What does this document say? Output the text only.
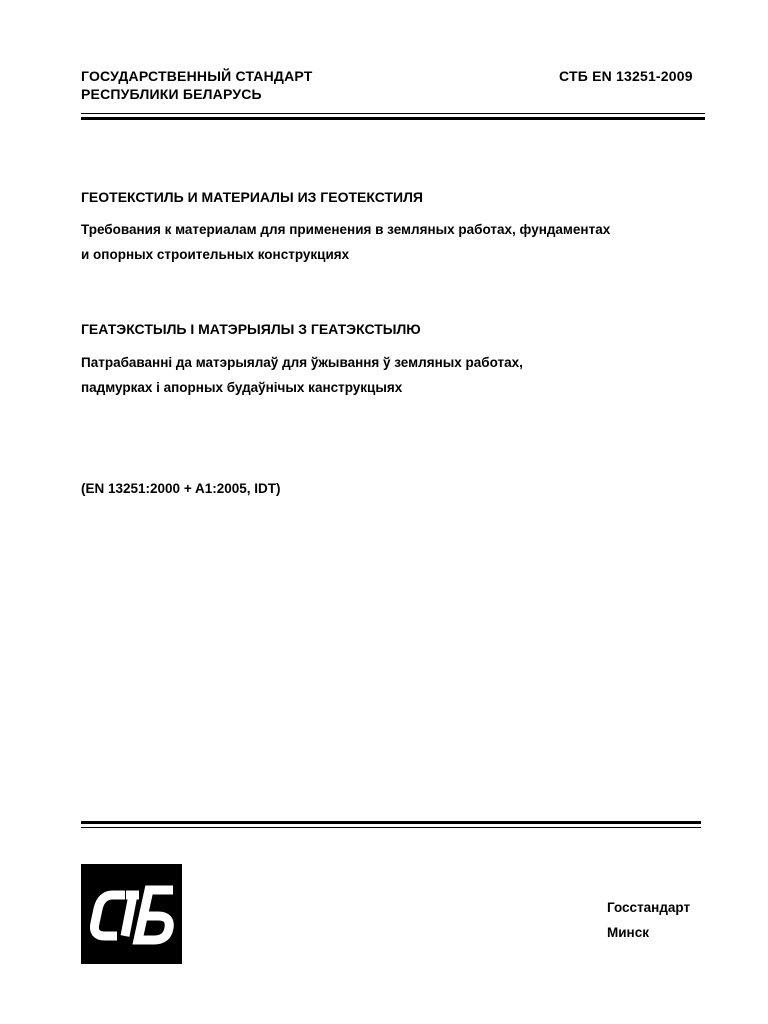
ГОСУДАРСТВЕННЫЙ СТАНДАРТ
РЕСПУБЛИКИ БЕЛАРУСЬ
СТБ EN 13251-2009
ГЕОТЕКСТИЛЬ И МАТЕРИАЛЫ ИЗ ГЕОТЕКСТИЛЯ
Требования к материалам для применения в земляных работах, фундаментах
и опорных строительных конструкциях
ГЕАТЭКСТЫЛЬ І МАТЭРЫЯЛЫ З ГЕАТЭКСТЫЛЮ
Патрабаванні да матэрыялаў для ўжывання ў земляных работах,
падмурках і апорных будаўнічых канструкцыях
(EN 13251:2000 + A1:2005, IDT)
Госстандарт
Минск
